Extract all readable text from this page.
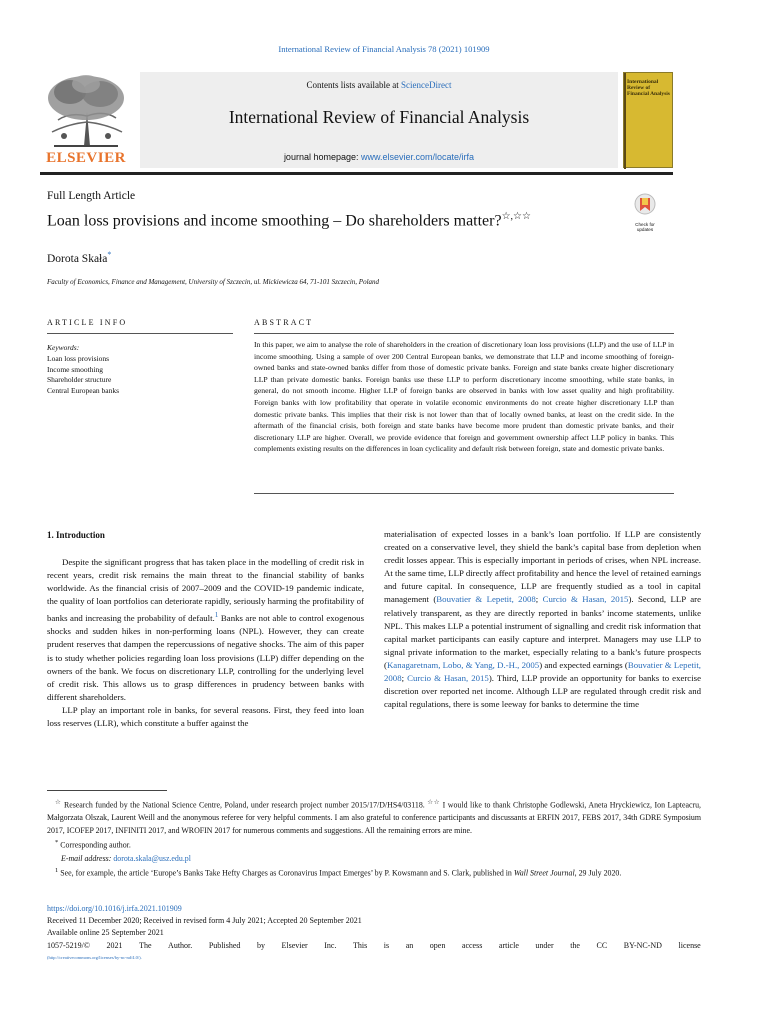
International Review of Financial Analysis 78 (2021) 101909
ELSEVIER
Contents lists available at ScienceDirect
International Review of Financial Analysis
journal homepage: www.elsevier.com/locate/irfa
International Review of Financial Analysis
Full Length Article
Loan loss provisions and income smoothing – Do shareholders matter?☆,☆☆
Check for updates
Dorota Skała*
Faculty of Economics, Finance and Management, University of Szczecin, ul. Mickiewicza 64, 71-101 Szczecin, Poland
ARTICLE INFO	ABSTRACT
Keywords:
Loan loss provisions
Income smoothing
Shareholder structure
Central European banks
In this paper, we aim to analyse the role of shareholders in the creation of discretionary loan loss provisions (LLP) and the use of LLP in income smoothing. Using a sample of over 200 Central European banks, we demonstrate that LLP and income smoothing of foreign-owned banks and state-owned banks differ from those of domestic private banks. Foreign and state banks create higher discretionary LLP than private domestic banks. Foreign banks use these LLP to perform discretionary income smoothing, while state banks, in general, do not smooth income. Higher LLP of foreign banks are observed in banks with low asset quality and high profitability. Foreign banks with low profitability that operate in volatile economic environments do not create higher discretionary LLP than domestic private banks. This implies that their risk is not lower than that of locally owned banks, at least on the credit side. In the aftermath of the financial crisis, both foreign and state banks have become more prudent than domestic private banks, and their discretionary LLP are higher. Overall, we provide evidence that foreign and government ownership affect LLP policy in banks. This complements existing results on the differences in loan cyclicality and default risk between foreign, state and domestic private banks.
1. Introduction

Despite the significant progress that has taken place in the modelling of credit risk in recent years, credit risk remains the main threat to the financial stability of banks worldwide. As the financial crisis of 2007–2009 and the COVID-19 pandemic indicate, the quality of loan portfolios can deteriorate rapidly, seriously harming the profitability of banks and increasing the probability of default.$^1$ Banks are not able to control exogenous shocks and sudden hikes in non-performing loans (NPL). However, they can create prudent reserves that dampen the repercussions of negative shocks. The aim of this paper is to study whether policies regarding loan loss provisions (LLP) differ depending on the owners of the bank. We focus on discretionary LLP, controlling for the underlying level of credit risk. This allows us to grasp differences in prudency between banks with different shareholders.

LLP play an important role in banks, for several reasons. First, they feed into loan loss reserves (LLR), which constitute a buffer against the

materialisation of expected losses in a bank’s loan portfolio. If LLP are consistently created on a conservative level, they shield the bank’s capital base from depletion when credit losses appear. This is especially important in periods of crises, when NPL increase. At the same time, LLP directly affect profitability and hence the level of retained earnings and future capital. In consequence, LLP are frequently studied as a tool in capital management (Bouvatier & Lepetit, 2008; Curcio & Hasan, 2015). Second, LLP are relatively transparent, as they are directly reported in banks’ income statements, unlike NPL. This makes LLP a potential instrument of signalling and credit risk information that capital market participants can easily capture and interpret. Managers may use LLP to signal private information to the market, especially relating to a bank’s future prospects (Kanagaretnam, Lobo, & Yang, D.-H., 2005) and expected earnings (Bouvatier & Lepetit, 2008; Curcio & Hasan, 2015). Third, LLP provide an opportunity for banks to exercise discretion over reported net income. Although LLP are regulated through credit risk and capital regulations, there is some leeway for banks to determine the time
☆ Research funded by the National Science Centre, Poland, under research project number 2015/17/D/HS4/03118. ☆☆ I would like to thank Christophe Godlewski, Aneta Hryckiewicz, Ion Lapteacru, Małgorzata Olszak, Laurent Weill and the anonymous referee for very helpful comments. I am also grateful to conference participants and discussants at ERFIN 2017, FEBS 2017, 34th GDRE Symposium 2017, ICOFEP 2017, INFINITI 2017, and WROFIN 2017 for numerous comments and suggestions. All the remaining errors are mine.
* Corresponding author.
E-mail address: dorota.skala@usz.edu.pl
$^1$ See, for example, the article ‘Europe’s Banks Take Hefty Charges as Coronavirus Impact Emerges’ by P. Kowsmann and S. Clark, published in Wall Street Journal, 29 July 2020.
https://doi.org/10.1016/j.irfa.2021.101909
Received 11 December 2020; Received in revised form 4 July 2021; Accepted 20 September 2021
Available online 25 September 2021
1057-5219/© 2021 The Author. Published by Elsevier Inc. This is an open access article under the CC BY-NC-ND license
(http://creativecommons.org/licenses/by-nc-nd/4.0/).
